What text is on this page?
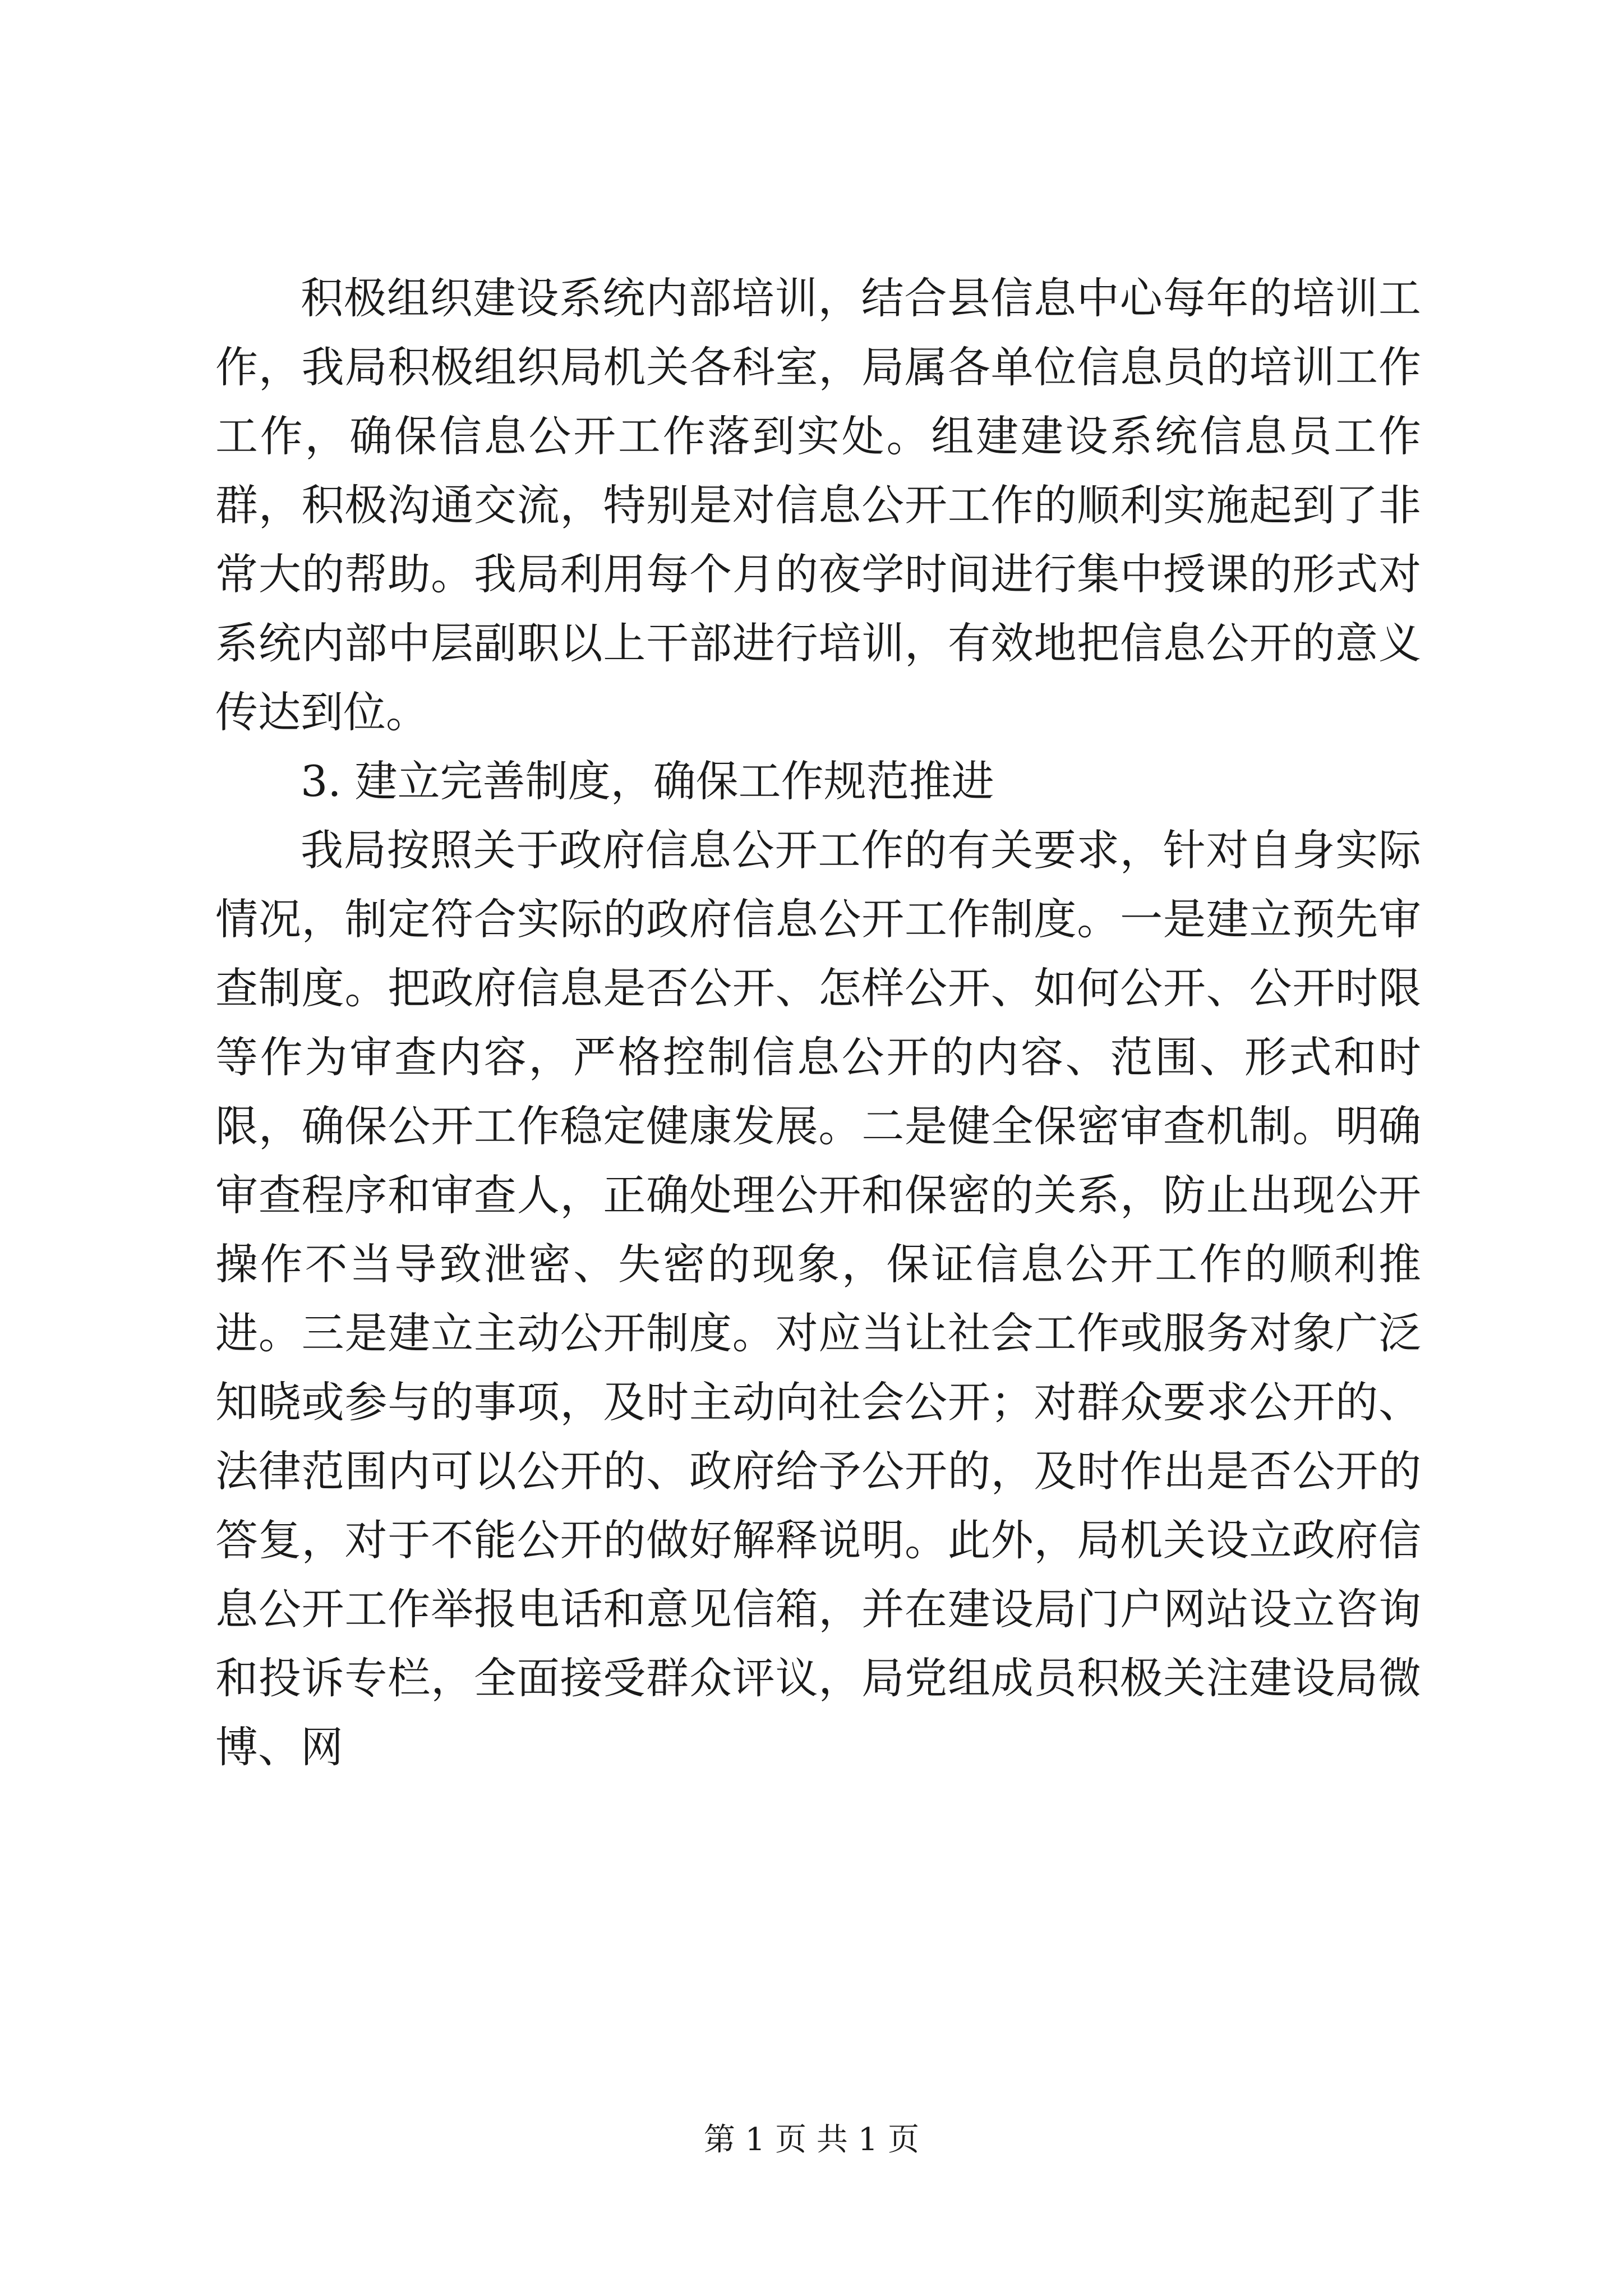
积极组织建设系统内部培训，结合县信息中心每年的培训工作，我局积极组织局机关各科室，局属各单位信息员的培训工作工作，确保信息公开工作落到实处。组建建设系统信息员工作群，积极沟通交流，特别是对信息公开工作的顺利实施起到了非常大的帮助。我局利用每个月的夜学时间进行集中授课的形式对系统内部中层副职以上干部进行培训，有效地把信息公开的意义传达到位。

3. 建立完善制度，确保工作规范推进

我局按照关于政府信息公开工作的有关要求，针对自身实际情况，制定符合实际的政府信息公开工作制度。一是建立预先审查制度。把政府信息是否公开、怎样公开、如何公开、公开时限等作为审查内容，严格控制信息公开的内容、范围、形式和时限，确保公开工作稳定健康发展。二是健全保密审查机制。明确审查程序和审查人，正确处理公开和保密的关系，防止出现公开操作不当导致泄密、失密的现象，保证信息公开工作的顺利推进。三是建立主动公开制度。对应当让社会工作或服务对象广泛知晓或参与的事项，及时主动向社会公开；对群众要求公开的、法律范围内可以公开的、政府给予公开的，及时作出是否公开的答复，对于不能公开的做好解释说明。此外，局机关设立政府信息公开工作举报电话和意见信箱，并在建设局门户网站设立咨询和投诉专栏，全面接受群众评议，局党组成员积极关注建设局微博、网

第 1 页 共 1 页
